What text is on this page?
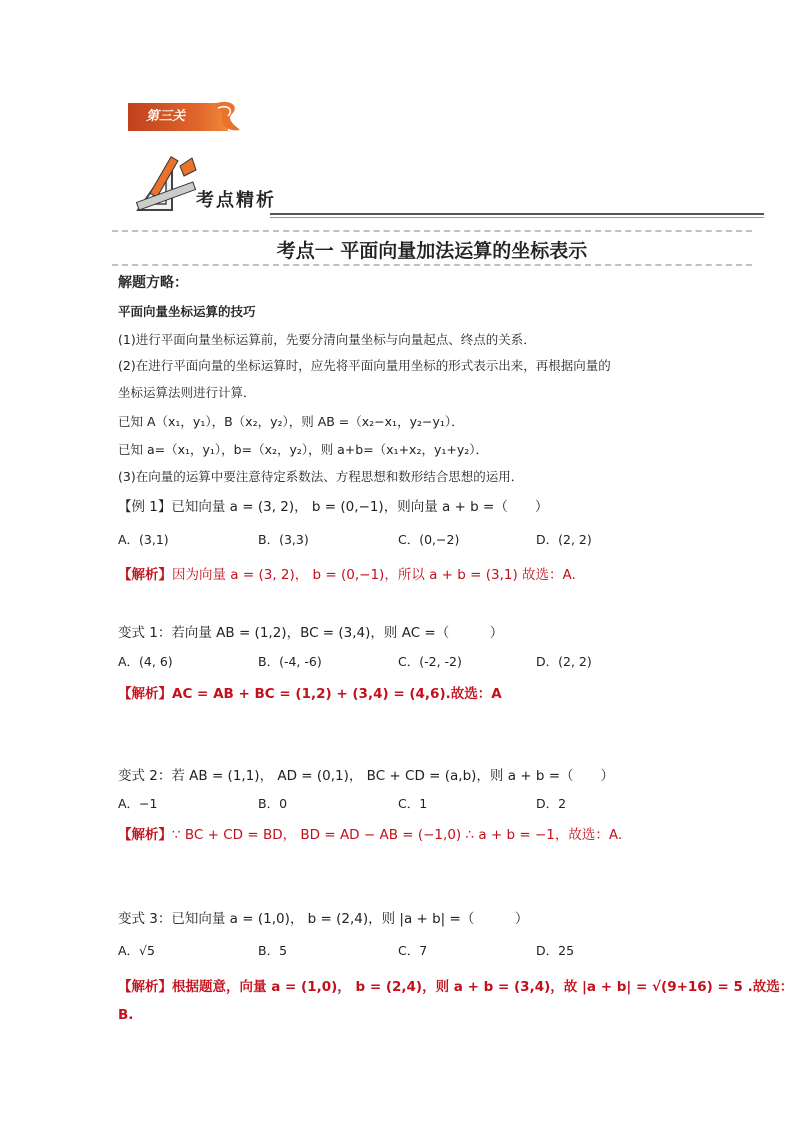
第三关
考点精析
考点一 平面向量加法运算的坐标表示
解题方略：
平面向量坐标运算的技巧
(1)进行平面向量坐标运算前，先要分清向量坐标与向量起点、终点的关系．
(2)在进行平面向量的坐标运算时，应先将平面向量用坐标的形式表示出来，再根据向量的
坐标运算法则进行计算．
已知 A（x₁，y₁），B（x₂，y₂），则 AB =（x₂−x₁，y₂−y₁）．
已知 a=（x₁，y₁），b=（x₂，y₂），则 a+b=（x₁+x₂，y₁+y₂）．
(3)在向量的运算中要注意待定系数法、方程思想和数形结合思想的运用．
【例 1】已知向量 a = (3, 2)， b = (0,−1)，则向量 a + b =（　　）
A．(3,1)	B．(3,3)	C．(0,−2)	D．(2, 2)
【解析】因为向量 a = (3, 2)， b = (0,−1)，所以 a + b = (3,1) 故选：A.
变式 1：若向量 AB = (1,2)，BC = (3,4)，则 AC =（　　　）
A．(4, 6)	B．(-4, -6)	C．(-2, -2)	D．(2, 2)
【解析】AC = AB + BC = (1,2) + (3,4) = (4,6).故选：A
变式 2：若 AB = (1,1)， AD = (0,1)， BC + CD = (a,b)，则 a + b =（　　）
A．−1	B．0	C．1	D．2
【解析】∵ BC + CD = BD， BD = AD − AB = (−1,0) ∴ a + b = −1，故选：A.
变式 3：已知向量 a = (1,0)， b = (2,4)，则 |a + b| =（　　　）
A．√5	B．5	C．7	D．25
【解析】根据题意，向量 a = (1,0)， b = (2,4)，则 a + b = (3,4)，故 |a + b| = √(9+16) = 5 .故选：
B.
